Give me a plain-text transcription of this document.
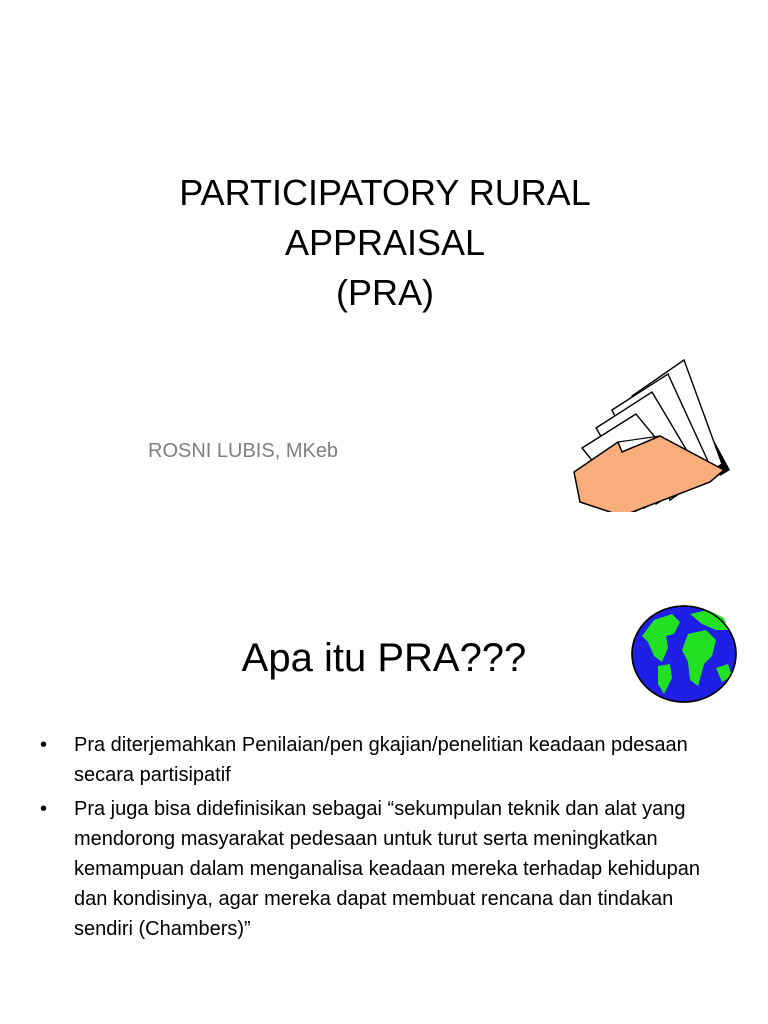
PARTICIPATORY RURAL
APPRAISAL
(PRA)
ROSNI LUBIS, MKeb
Apa itu PRA???
• Pra diterjemahkan Penilaian/pen gkajian/penelitian keadaan pdesaan secara partisipatif
• Pra juga bisa didefinisikan sebagai “sekumpulan teknik dan alat yang mendorong masyarakat pedesaan untuk turut serta meningkatkan kemampuan dalam menganalisa keadaan mereka terhadap kehidupan dan kondisinya, agar mereka dapat membuat rencana dan tindakan sendiri (Chambers)”
